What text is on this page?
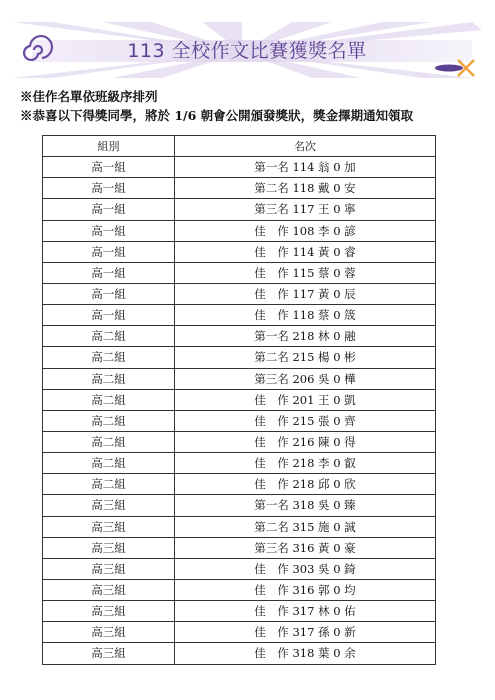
113 全校作文比賽獲獎名單
※佳作名單依班級序排列
※恭喜以下得獎同學，將於 1/6 朝會公開頒發獎狀，獎金擇期通知領取
組別	名次
高一組	第一名 114 翁 0 加
高一組	第二名 118 戴 0 安
高一組	第三名 117 王 0 寧
高一組	佳　作 108 李 0 諺
高一組	佳　作 114 黃 0 睿
高一組	佳　作 115 蔡 0 蓉
高一組	佳　作 117 黃 0 辰
高一組	佳　作 118 蔡 0 筬
高二組	第一名 218 林 0 融
高二組	第二名 215 楊 0 彬
高二組	第三名 206 吳 0 樺
高二組	佳　作 201 王 0 凱
高二組	佳　作 215 張 0 齊
高二組	佳　作 216 陳 0 得
高二組	佳　作 218 李 0 叡
高二組	佳　作 218 邱 0 欣
高三組	第一名 318 吳 0 臻
高三組	第二名 315 施 0 誠
高三組	第三名 316 黃 0 豪
高三組	佳　作 303 吳 0 錡
高三組	佳　作 316 郭 0 均
高三組	佳　作 317 林 0 佑
高三組	佳　作 317 孫 0 新
高三組	佳　作 318 葉 0 余
